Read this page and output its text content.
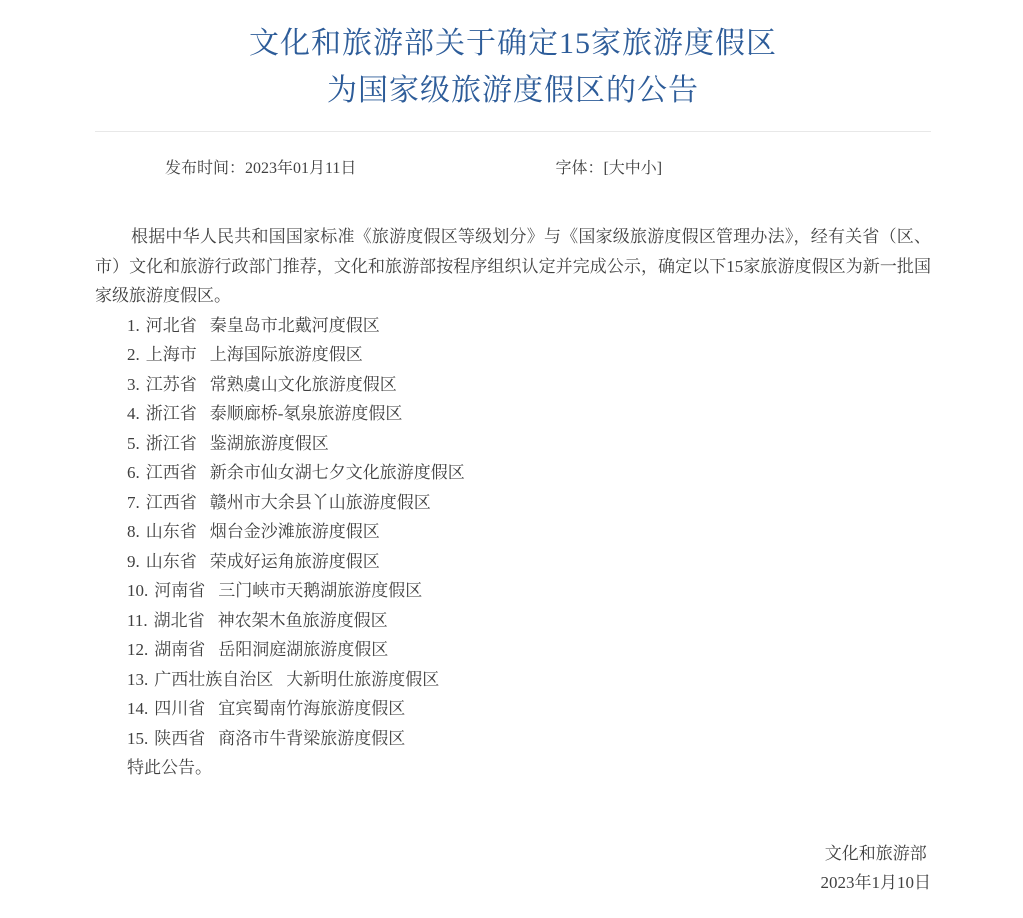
文化和旅游部关于确定15家旅游度假区
为国家级旅游度假区的公告
发布时间：2023年01月11日	字体：[大中小]

根据中华人民共和国国家标准《旅游度假区等级划分》与《国家级旅游度假区管理办法》，经有关省（区、市）文化和旅游行政部门推荐，文化和旅游部按程序组织认定并完成公示，确定以下15家旅游度假区为新一批国家级旅游度假区。

1. 河北省 秦皇岛市北戴河度假区
2. 上海市 上海国际旅游度假区
3. 江苏省 常熟虞山文化旅游度假区
4. 浙江省 泰顺廊桥-氡泉旅游度假区
5. 浙江省 鉴湖旅游度假区
6. 江西省 新余市仙女湖七夕文化旅游度假区
7. 江西省 赣州市大余县丫山旅游度假区
8. 山东省 烟台金沙滩旅游度假区
9. 山东省 荣成好运角旅游度假区
10. 河南省 三门峡市天鹅湖旅游度假区
11. 湖北省 神农架木鱼旅游度假区
12. 湖南省 岳阳洞庭湖旅游度假区
13. 广西壮族自治区 大新明仕旅游度假区
14. 四川省 宜宾蜀南竹海旅游度假区
15. 陕西省 商洛市牛背梁旅游度假区
特此公告。
文化和旅游部
2023年1月10日
